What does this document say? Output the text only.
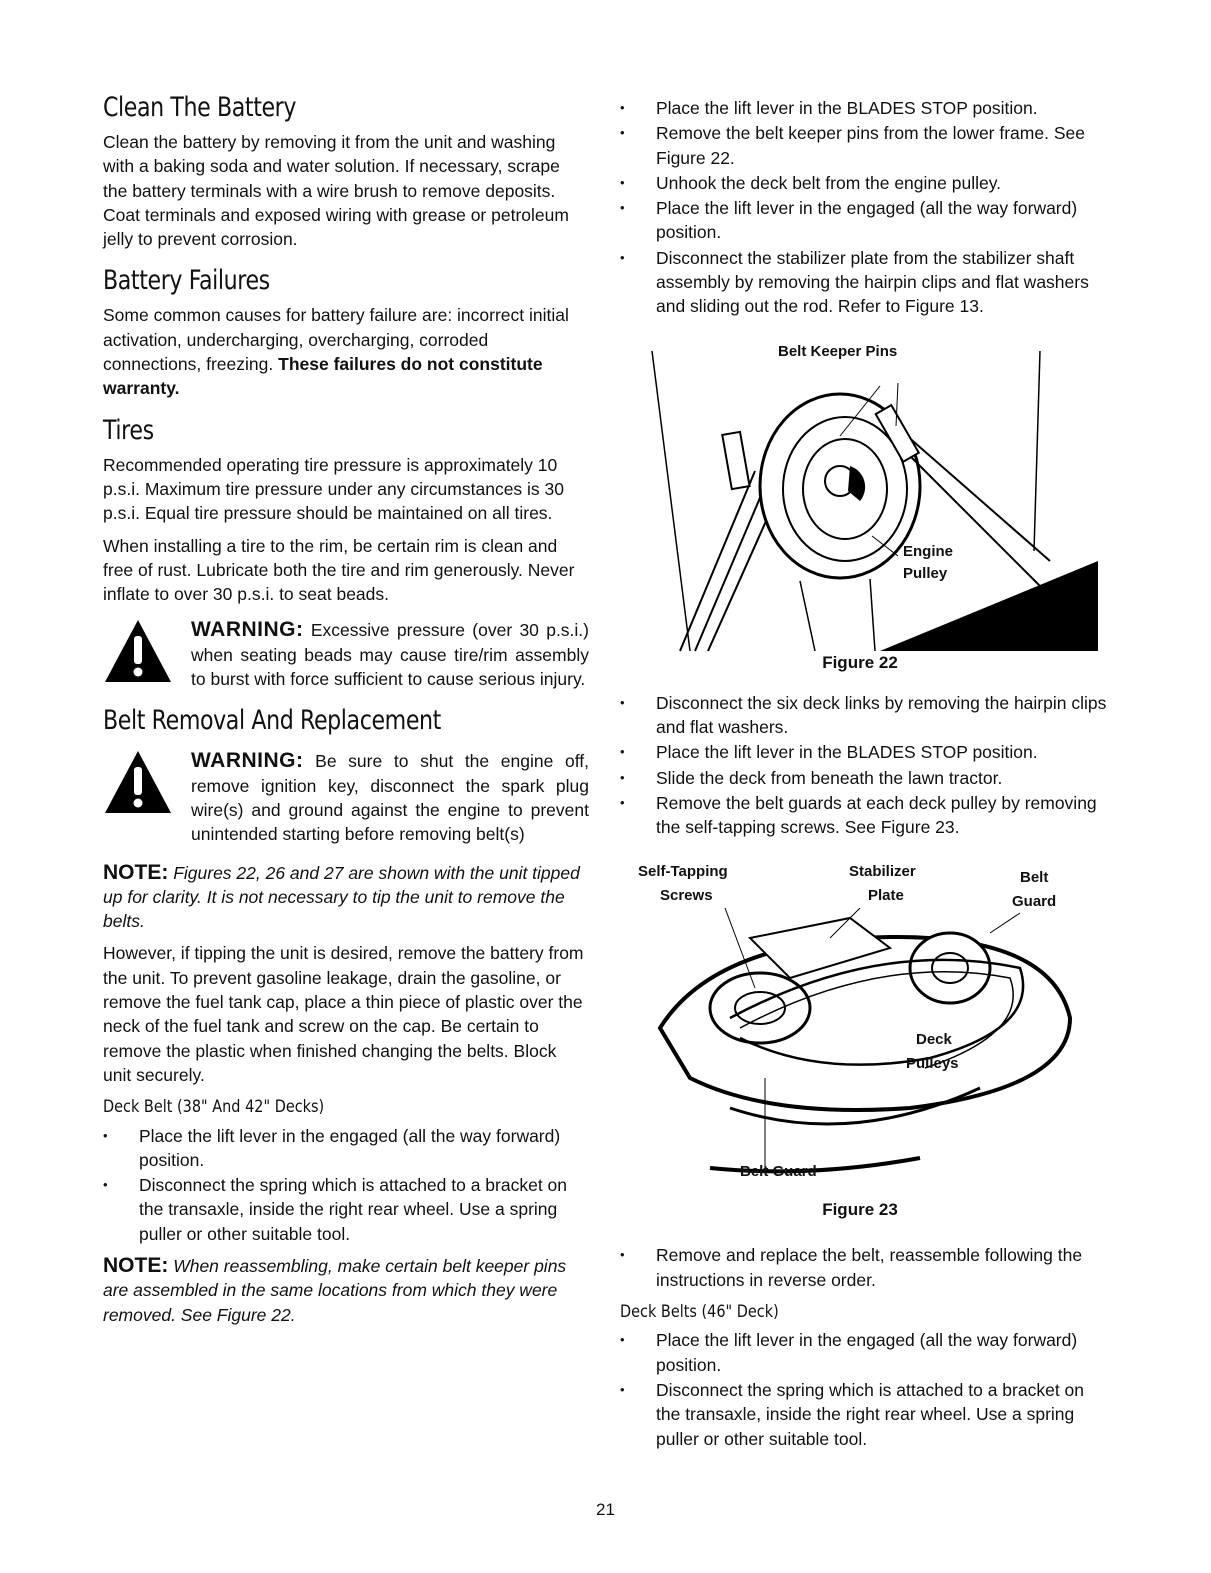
Clean The Battery

Clean the battery by removing it from the unit and washing with a baking soda and water solution. If necessary, scrape the battery terminals with a wire brush to remove deposits. Coat terminals and exposed wiring with grease or petroleum jelly to prevent corrosion.

Battery Failures

Some common causes for battery failure are: incorrect initial activation, undercharging, overcharging, corroded connections, freezing. These failures do not constitute warranty.

Tires

Recommended operating tire pressure is approximately 10 p.s.i. Maximum tire pressure under any circumstances is 30 p.s.i. Equal tire pressure should be maintained on all tires.

When installing a tire to the rim, be certain rim is clean and free of rust. Lubricate both the tire and rim generously. Never inflate to over 30 p.s.i. to seat beads.

WARNING: Excessive pressure (over 30 p.s.i.) when seating beads may cause tire/rim assembly to burst with force sufficient to cause serious injury.
Belt Removal And Replacement
WARNING: Be sure to shut the engine off, remove ignition key, disconnect the spark plug wire(s) and ground against the engine to prevent unintended starting before removing belt(s)

NOTE: Figures 22, 26 and 27 are shown with the unit tipped up for clarity. It is not necessary to tip the unit to remove the belts.

However, if tipping the unit is desired, remove the battery from the unit. To prevent gasoline leakage, drain the gasoline, or remove the fuel tank cap, place a thin piece of plastic over the neck of the fuel tank and screw on the cap. Be certain to remove the plastic when finished changing the belts. Block unit securely.

Deck Belt (38" And 42" Decks)
• Place the lift lever in the engaged (all the way forward) position.
• Disconnect the spring which is attached to a bracket on the transaxle, inside the right rear wheel. Use a spring puller or other suitable tool.

NOTE: When reassembling, make certain belt keeper pins are assembled in the same locations from which they were removed. See Figure 22.

• Place the lift lever in the BLADES STOP position.
• Remove the belt keeper pins from the lower frame. See Figure 22.
• Unhook the deck belt from the engine pulley.
• Place the lift lever in the engaged (all the way forward) position.
• Disconnect the stabilizer plate from the stabilizer shaft assembly by removing the hairpin clips and flat washers and sliding out the rod. Refer to Figure 13.
Belt Keeper Pins
Engine
Pulley
Figure 22
• Disconnect the six deck links by removing the hairpin clips and flat washers.
• Place the lift lever in the BLADES STOP position.
• Slide the deck from beneath the lawn tractor.
• Remove the belt guards at each deck pulley by removing the self-tapping screws. See Figure 23.
Self-Tapping
Screws
Stabilizer
Plate
Belt
Guard
Deck
Pulleys
Belt Guard
Figure 23
• Remove and replace the belt, reassemble following the instructions in reverse order.
Deck Belts (46" Deck)
• Place the lift lever in the engaged (all the way forward) position.
• Disconnect the spring which is attached to a bracket on the transaxle, inside the right rear wheel. Use a spring puller or other suitable tool.
21
